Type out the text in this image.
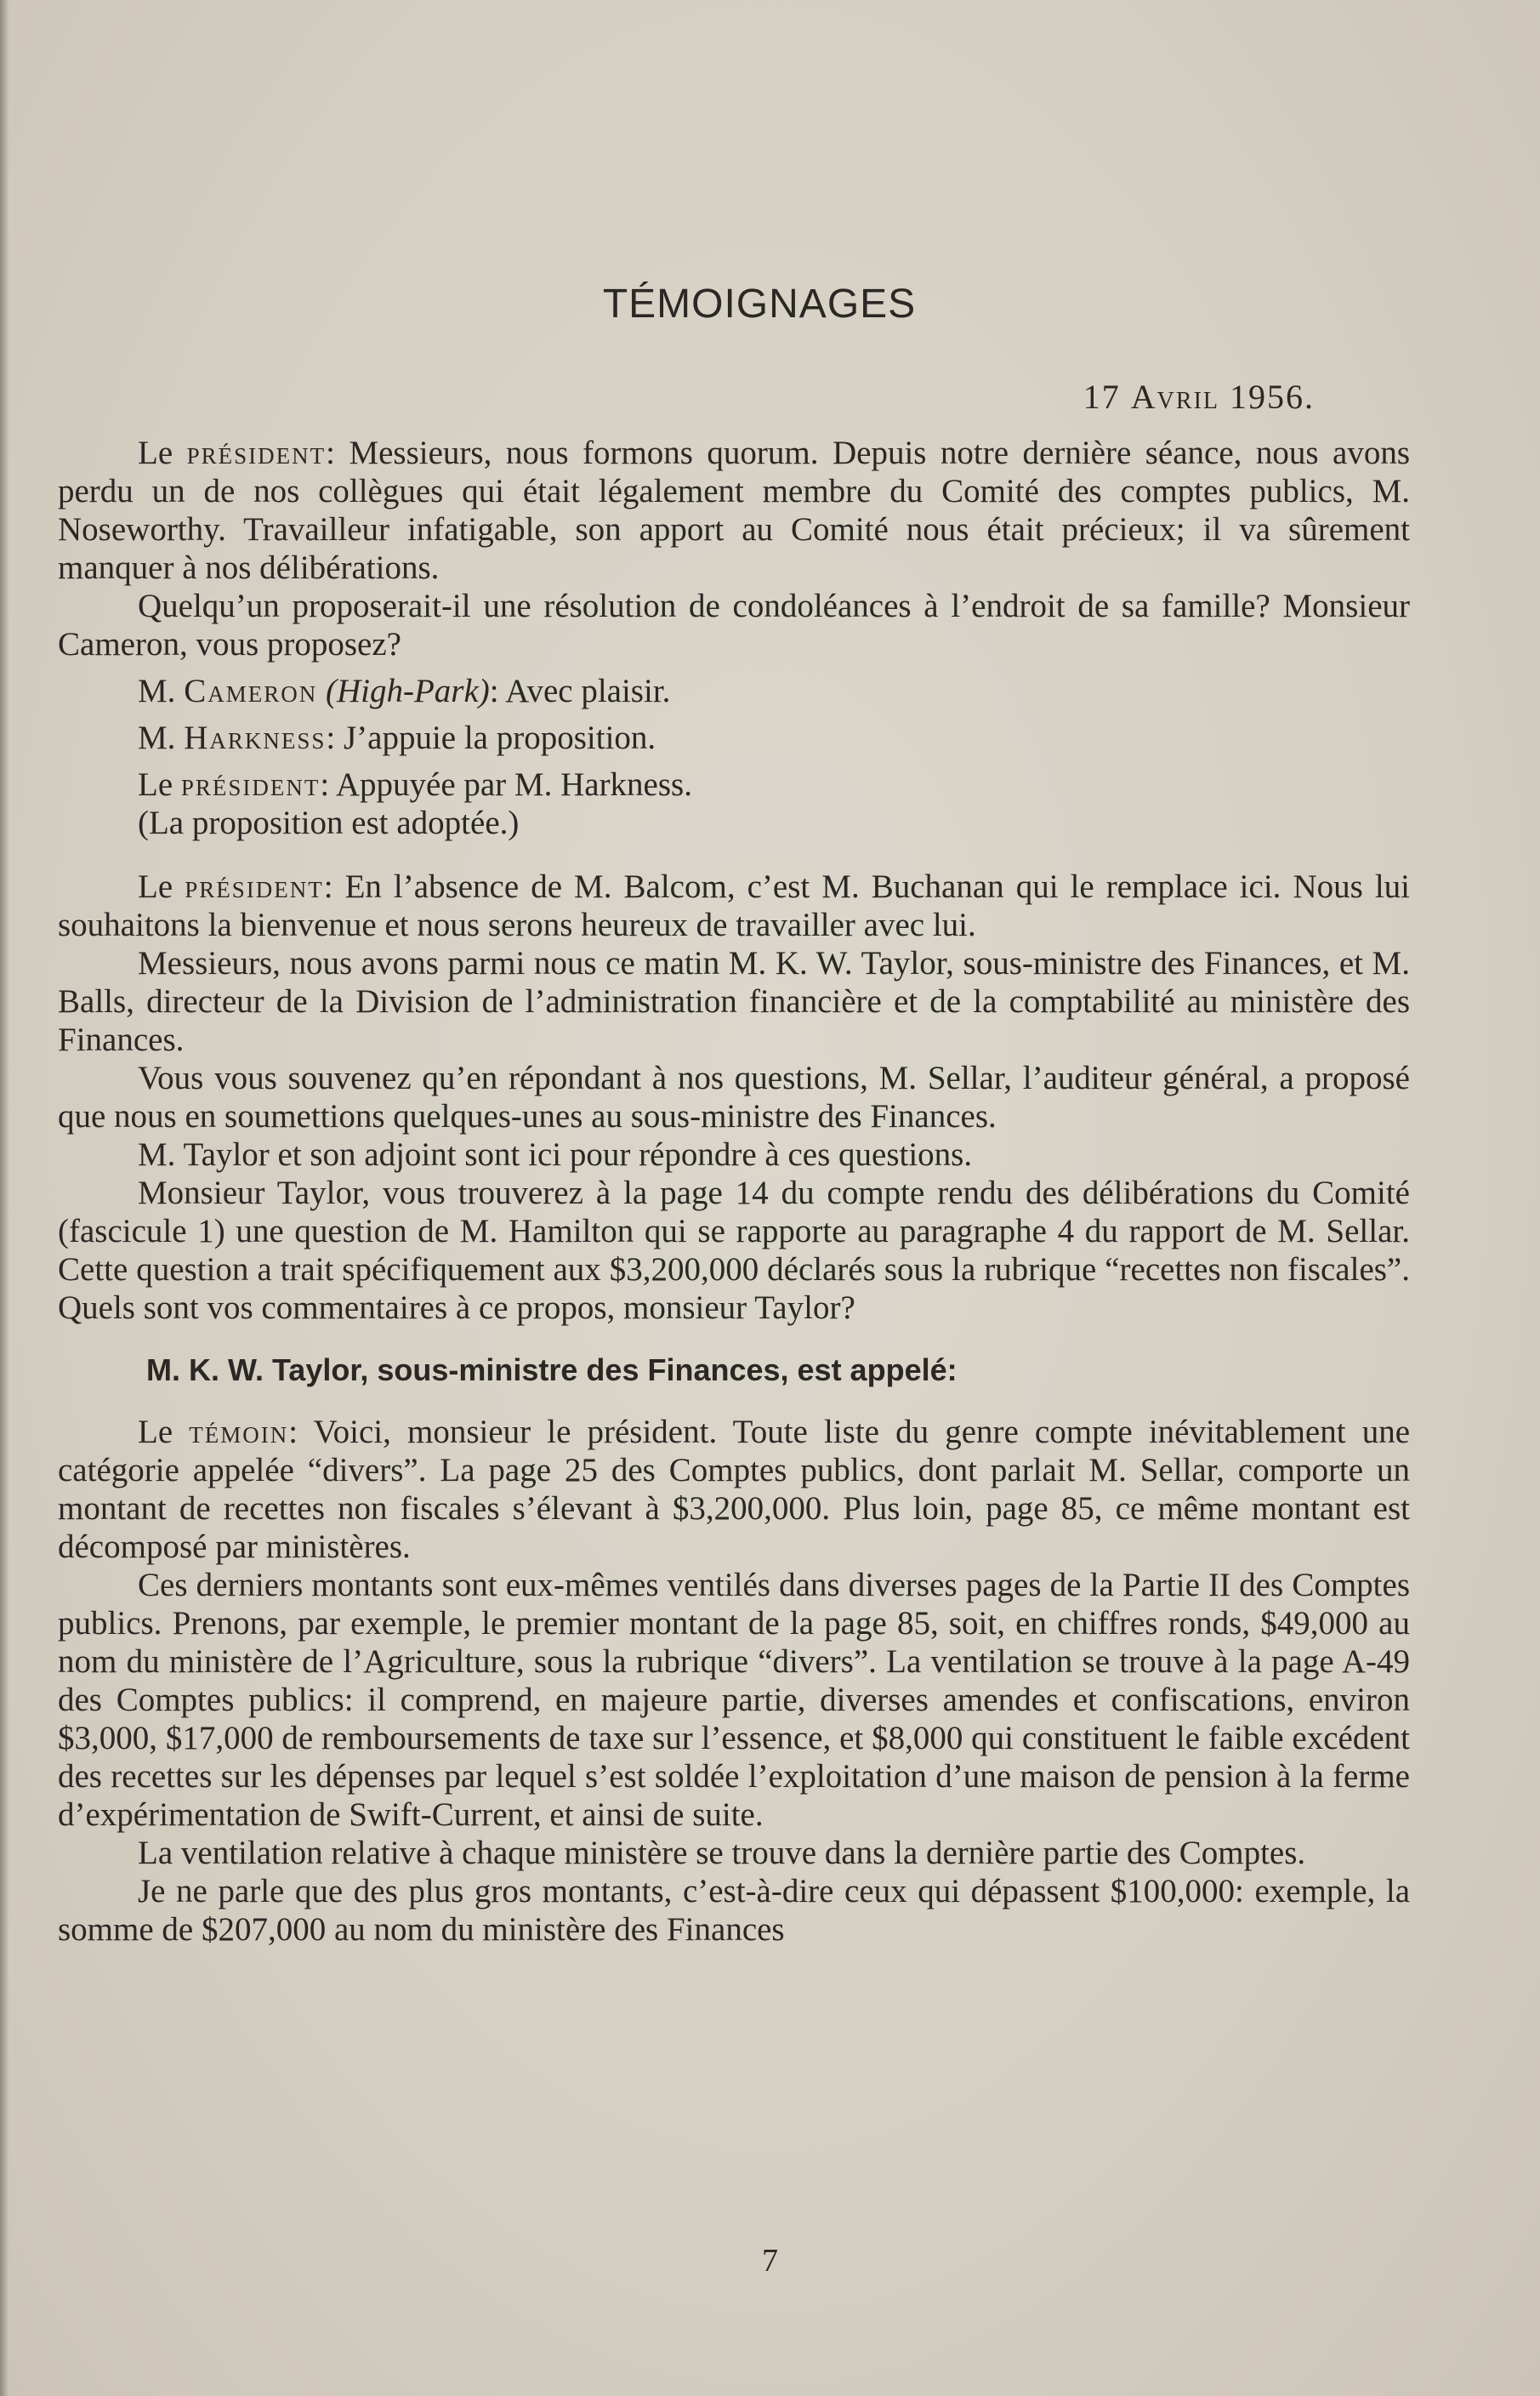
TÉMOIGNAGES
17 Avril 1956.

Le président: Messieurs, nous formons quorum. Depuis notre dernière séance, nous avons perdu un de nos collègues qui était légalement membre du Comité des comptes publics, M. Noseworthy. Travailleur infatigable, son apport au Comité nous était précieux; il va sûrement manquer à nos délibérations.

Quelqu’un proposerait-il une résolution de condoléances à l’endroit de sa famille? Monsieur Cameron, vous proposez?

M. Cameron (High-Park): Avec plaisir.

M. Harkness: J’appuie la proposition.

Le président: Appuyée par M. Harkness.

(La proposition est adoptée.)

Le président: En l’absence de M. Balcom, c’est M. Buchanan qui le remplace ici. Nous lui souhaitons la bienvenue et nous serons heureux de travailler avec lui.

Messieurs, nous avons parmi nous ce matin M. K. W. Taylor, sous-ministre des Finances, et M. Balls, directeur de la Division de l’administration financière et de la comptabilité au ministère des Finances.

Vous vous souvenez qu’en répondant à nos questions, M. Sellar, l’auditeur général, a proposé que nous en soumettions quelques-unes au sous-ministre des Finances.

M. Taylor et son adjoint sont ici pour répondre à ces questions.

Monsieur Taylor, vous trouverez à la page 14 du compte rendu des délibérations du Comité (fascicule 1) une question de M. Hamilton qui se rapporte au paragraphe 4 du rapport de M. Sellar. Cette question a trait spécifiquement aux $3,200,000 déclarés sous la rubrique “recettes non fiscales”. Quels sont vos commentaires à ce propos, monsieur Taylor?

M. K. W. Taylor, sous-ministre des Finances, est appelé:

Le témoin: Voici, monsieur le président. Toute liste du genre compte inévitablement une catégorie appelée “divers”. La page 25 des Comptes publics, dont parlait M. Sellar, comporte un montant de recettes non fiscales s’élevant à $3,200,000. Plus loin, page 85, ce même montant est décomposé par ministères.

Ces derniers montants sont eux-mêmes ventilés dans diverses pages de la Partie II des Comptes publics. Prenons, par exemple, le premier montant de la page 85, soit, en chiffres ronds, $49,000 au nom du ministère de l’Agriculture, sous la rubrique “divers”. La ventilation se trouve à la page A-49 des Comptes publics: il comprend, en majeure partie, diverses amendes et confiscations, environ $3,000, $17,000 de remboursements de taxe sur l’essence, et $8,000 qui constituent le faible excédent des recettes sur les dépenses par lequel s’est soldée l’exploitation d’une maison de pension à la ferme d’expérimentation de Swift-Current, et ainsi de suite.

La ventilation relative à chaque ministère se trouve dans la dernière partie des Comptes.

Je ne parle que des plus gros montants, c’est-à-dire ceux qui dépassent $100,000: exemple, la somme de $207,000 au nom du ministère des Finances

7
